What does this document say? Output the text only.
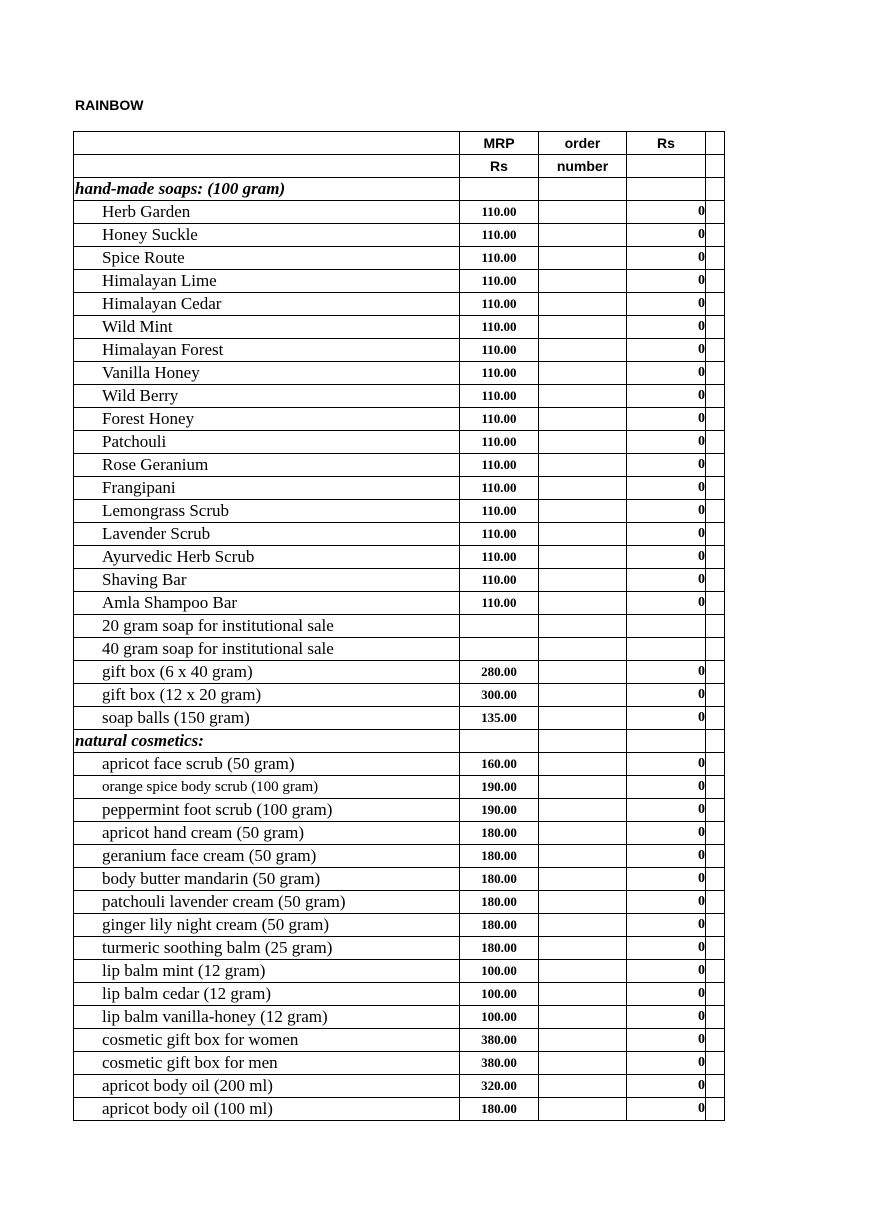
RAINBOW
	MRP	order	Rs	
	Rs	number		
hand-made soaps: (100 gram)				
Herb Garden	110.00		0	
Honey Suckle	110.00		0	
Spice Route	110.00		0	
Himalayan Lime	110.00		0	
Himalayan Cedar	110.00		0	
Wild Mint	110.00		0	
Himalayan Forest	110.00		0	
Vanilla Honey	110.00		0	
Wild Berry	110.00		0	
Forest Honey	110.00		0	
Patchouli	110.00		0	
Rose Geranium	110.00		0	
Frangipani	110.00		0	
Lemongrass Scrub	110.00		0	
Lavender Scrub	110.00		0	
Ayurvedic Herb Scrub	110.00		0	
Shaving Bar	110.00		0	
Amla Shampoo Bar	110.00		0	
20 gram soap for institutional sale				
40 gram soap for institutional sale				
gift box (6 x 40 gram)	280.00		0	
gift box (12 x 20 gram)	300.00		0	
soap balls (150 gram)	135.00		0	
natural cosmetics:				
apricot face scrub (50 gram)	160.00		0	
orange spice body scrub (100 gram)	190.00		0	
peppermint foot scrub (100 gram)	190.00		0	
apricot hand cream (50 gram)	180.00		0	
geranium face cream (50 gram)	180.00		0	
body butter mandarin (50 gram)	180.00		0	
patchouli lavender cream (50 gram)	180.00		0	
ginger lily night cream (50 gram)	180.00		0	
turmeric soothing balm (25 gram)	180.00		0	
lip balm mint (12 gram)	100.00		0	
lip balm cedar (12 gram)	100.00		0	
lip balm vanilla-honey (12 gram)	100.00		0	
cosmetic gift box for women	380.00		0	
cosmetic gift box for men	380.00		0	
apricot body oil (200 ml)	320.00		0	
apricot body oil (100 ml)	180.00		0	
